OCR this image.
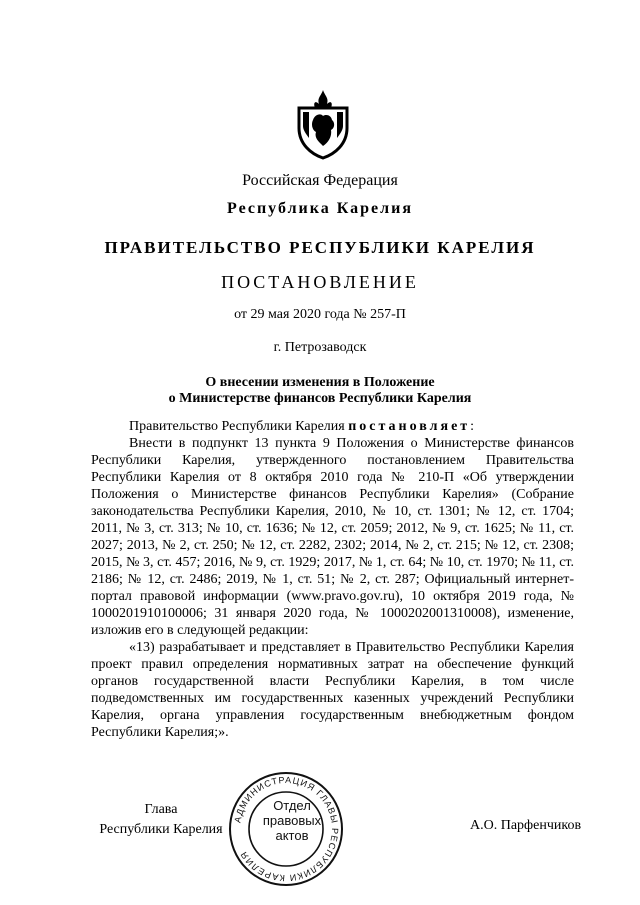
Российская Федерация
Республика Карелия
ПРАВИТЕЛЬСТВО РЕСПУБЛИКИ КАРЕЛИЯ
ПОСТАНОВЛЕНИЕ
от 29 мая 2020 года № 257-П
г. Петрозаводск
О внесении изменения в Положение
о Министерстве финансов Республики Карелия

Правительство Республики Карелия постановляет:

Внести в подпункт 13 пункта 9 Положения о Министерстве финансов Республики Карелия, утвержденного постановлением Правительства Республики Карелия от 8 октября 2010 года № 210-П «Об утверждении Положения о Министерстве финансов Республики Карелия» (Собрание законодательства Республики Карелия, 2010, № 10, ст. 1301; № 12, ст. 1704; 2011, № 3, ст. 313; № 10, ст. 1636; № 12, ст. 2059; 2012, № 9, ст. 1625; № 11, ст. 2027; 2013, № 2, ст. 250; № 12, ст. 2282, 2302; 2014, № 2, ст. 215; № 12, ст. 2308; 2015, № 3, ст. 457; 2016, № 9, ст. 1929; 2017, № 1, ст. 64; № 10, ст. 1970; № 11, ст. 2186; № 12, ст. 2486; 2019, № 1, ст. 51; № 2, ст. 287; Официальный интернет-портал правовой информации (www.pravo.gov.ru), 10 октября 2019 года, № 1000201910100006; 31 января 2020 года, № 1000202001310008), изменение, изложив его в следующей редакции:

«13) разрабатывает и представляет в Правительство Республики Карелия проект правил определения нормативных затрат на обеспечение функций органов государственной власти Республики Карелия, в том числе подведомственных им государственных казенных учреждений Республики Карелия, органа управления государственным внебюджетным фондом Республики Карелия;».

Глава
Республики Карелия
АДМИНИСТРАЦИЯ ГЛАВЫ РЕСПУБЛИКИ КАРЕЛИЯ
Отдел
правовых
актов
А.О. Парфенчиков
